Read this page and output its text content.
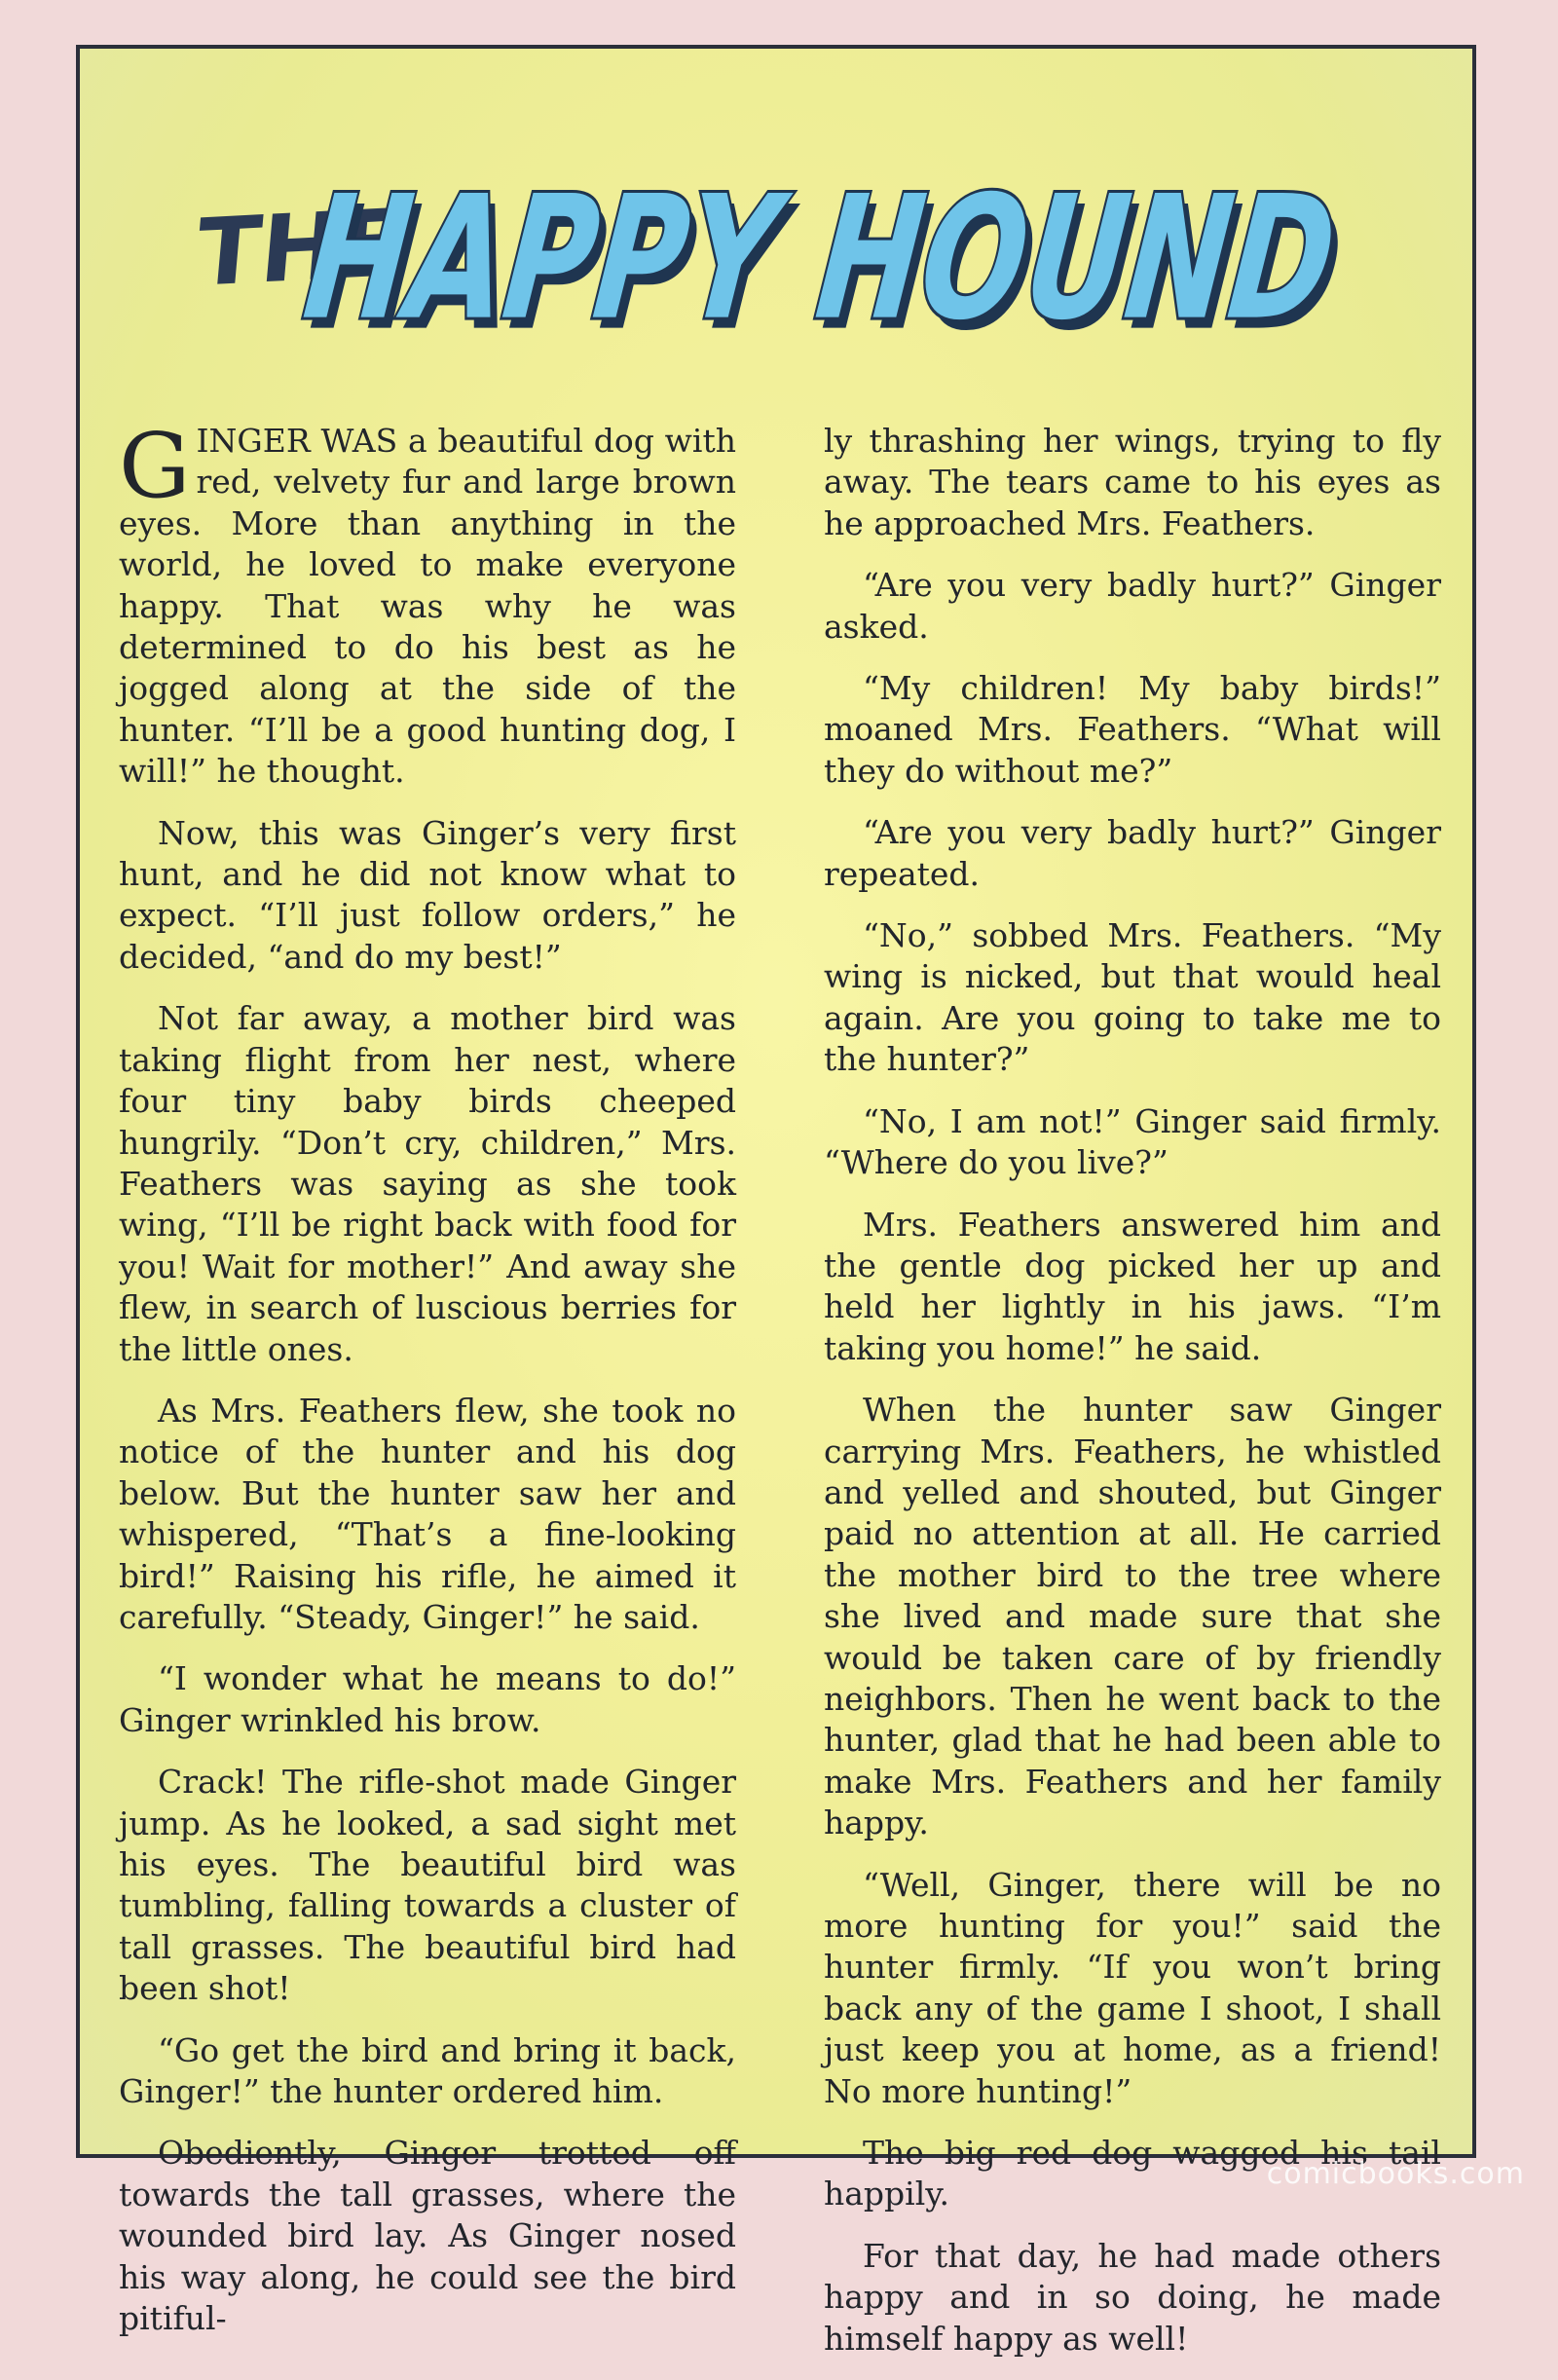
THE
HAPPY HOUND
HAPPY HOUND

GINGER WAS a beautiful dog with red, velvety fur and large brown eyes. More than anything in the world, he loved to make everyone happy. That was why he was determined to do his best as he jogged along at the side of the hunter. “I’ll be a good hunting dog, I will!” he thought.

Now, this was Ginger’s very first hunt, and he did not know what to expect. “I’ll just follow orders,” he decided, “and do my best!”

Not far away, a mother bird was taking flight from her nest, where four tiny baby birds cheeped hungrily. “Don’t cry, children,” Mrs. Feathers was saying as she took wing, “I’ll be right back with food for you! Wait for mother!” And away she flew, in search of luscious berries for the little ones.

As Mrs. Feathers flew, she took no notice of the hunter and his dog below. But the hunter saw her and whispered, “That’s a fine-looking bird!” Raising his rifle, he aimed it carefully. “Steady, Ginger!” he said.

“I wonder what he means to do!” Ginger wrinkled his brow.

Crack! The rifle-shot made Ginger jump. As he looked, a sad sight met his eyes. The beautiful bird was tumbling, falling towards a cluster of tall grasses. The beautiful bird had been shot!

“Go get the bird and bring it back, Ginger!” the hunter ordered him.

Obediently, Ginger trotted off towards the tall grasses, where the wounded bird lay. As Ginger nosed his way along, he could see the bird pitiful-

ly thrashing her wings, trying to fly away. The tears came to his eyes as he approached Mrs. Feathers.

“Are you very badly hurt?” Ginger asked.

“My children! My baby birds!” moaned Mrs. Feathers. “What will they do without me?”

“Are you very badly hurt?” Ginger repeated.

“No,” sobbed Mrs. Feathers. “My wing is nicked, but that would heal again. Are you going to take me to the hunter?”

“No, I am not!” Ginger said firmly. “Where do you live?”

Mrs. Feathers answered him and the gentle dog picked her up and held her lightly in his jaws. “I’m taking you home!” he said.

When the hunter saw Ginger carrying Mrs. Feathers, he whistled and yelled and shouted, but Ginger paid no attention at all. He carried the mother bird to the tree where she lived and made sure that she would be taken care of by friendly neighbors. Then he went back to the hunter, glad that he had been able to make Mrs. Feathers and her family happy.

“Well, Ginger, there will be no more hunting for you!” said the hunter firmly. “If you won’t bring back any of the game I shoot, I shall just keep you at home, as a friend! No more hunting!”

The big red dog wagged his tail happily.

For that day, he had made others happy and in so doing, he made himself happy as well!	comicbooks.com
